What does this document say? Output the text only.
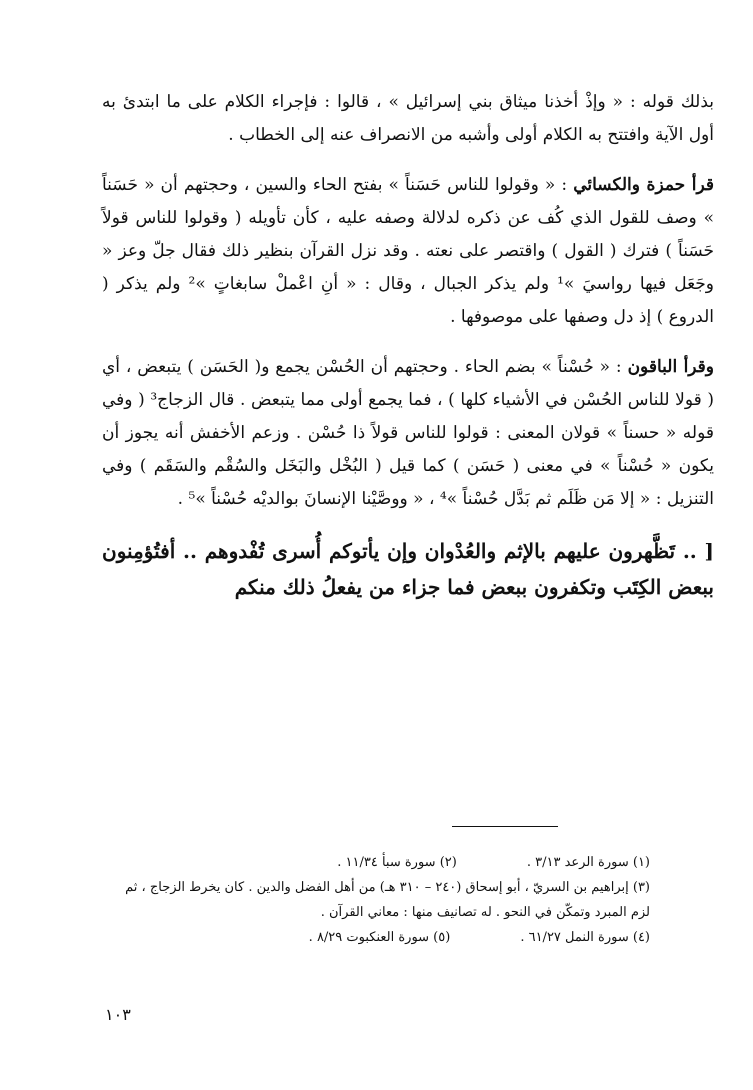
بذلك قوله : « وإذْ أخذنا ميثاق بني إسرائيل » ، قالوا : فإجراء الكلام على ما ابتدئ به أول الآية وافتتح به الكلام أولى وأشبه من الانصراف عنه إلى الخطاب .

قرأ حمزة والكسائي : « وقولوا للناس حَسَناً » بفتح الحاء والسين ، وحجتهم أن « حَسَناً » وصف للقول الذي كُف عن ذكره لدلالة وصفه عليه ، كأن تأويله ( وقولوا للناس قولاً حَسَناً ) فترك ( القول ) واقتصر على نعته . وقد نزل القرآن بنظير ذلك فقال جلّ وعز « وجَعَل فيها رواسيَ »¹ ولم يذكر الجبال ، وقال : « أنِ اعْملْ سابغاتٍ »² ولم يذكر ( الدروع ) إذ دل وصفها على موصوفها .

وقرأ الباقون : « حُسْناً » بضم الحاء . وحجتهم أن الحُسْن يجمع و( الحَسَن ) يتبعض ، أي ( قولا للناس الحُسْن في الأشياء كلها ) ، فما يجمع أولى مما يتبعض . قال الزجاج³ ( وفي قوله « حسناً » قولان المعنى : قولوا للناس قولاً ذا حُسْن . وزعم الأخفش أنه يجوز أن يكون « حُسْناً » في معنى ( حَسَن ) كما قيل ( البُخْل والبَخَل والسُقْم والسَقَم ) وفي التنزيل : « إلا مَن ظَلَم ثم بَدَّل حُسْناً »⁴ ، « ووصَّيْنا الإنسانَ بوالديْه حُسْناً »⁵ .

[ .. تَظَّهرون عليهم بالإثم والعُدْوان وإن يأتوكم أُسرى تُفْدوهم .. أفتُؤمِنون ببعض الكِتَب وتكفرون ببعض فما جزاء من يفعلُ ذلك منكم

(١) سورة الرعد ٣/١٣ .

(٢) سورة سبأ ١١/٣٤ .

(٣) إبراهيم بن السريّ ، أبو إسحاق (٢٤٠ – ٣١٠ هـ) من أهل الفضل والدين . كان يخرط الزجاج ، ثم لزم المبرد وتمكّن في النحو . له تصانيف منها : معاني القرآن .

(٤) سورة النمل ٦١/٢٧ .

(٥) سورة العنكبوت ٨/٢٩ .

١٠٣
